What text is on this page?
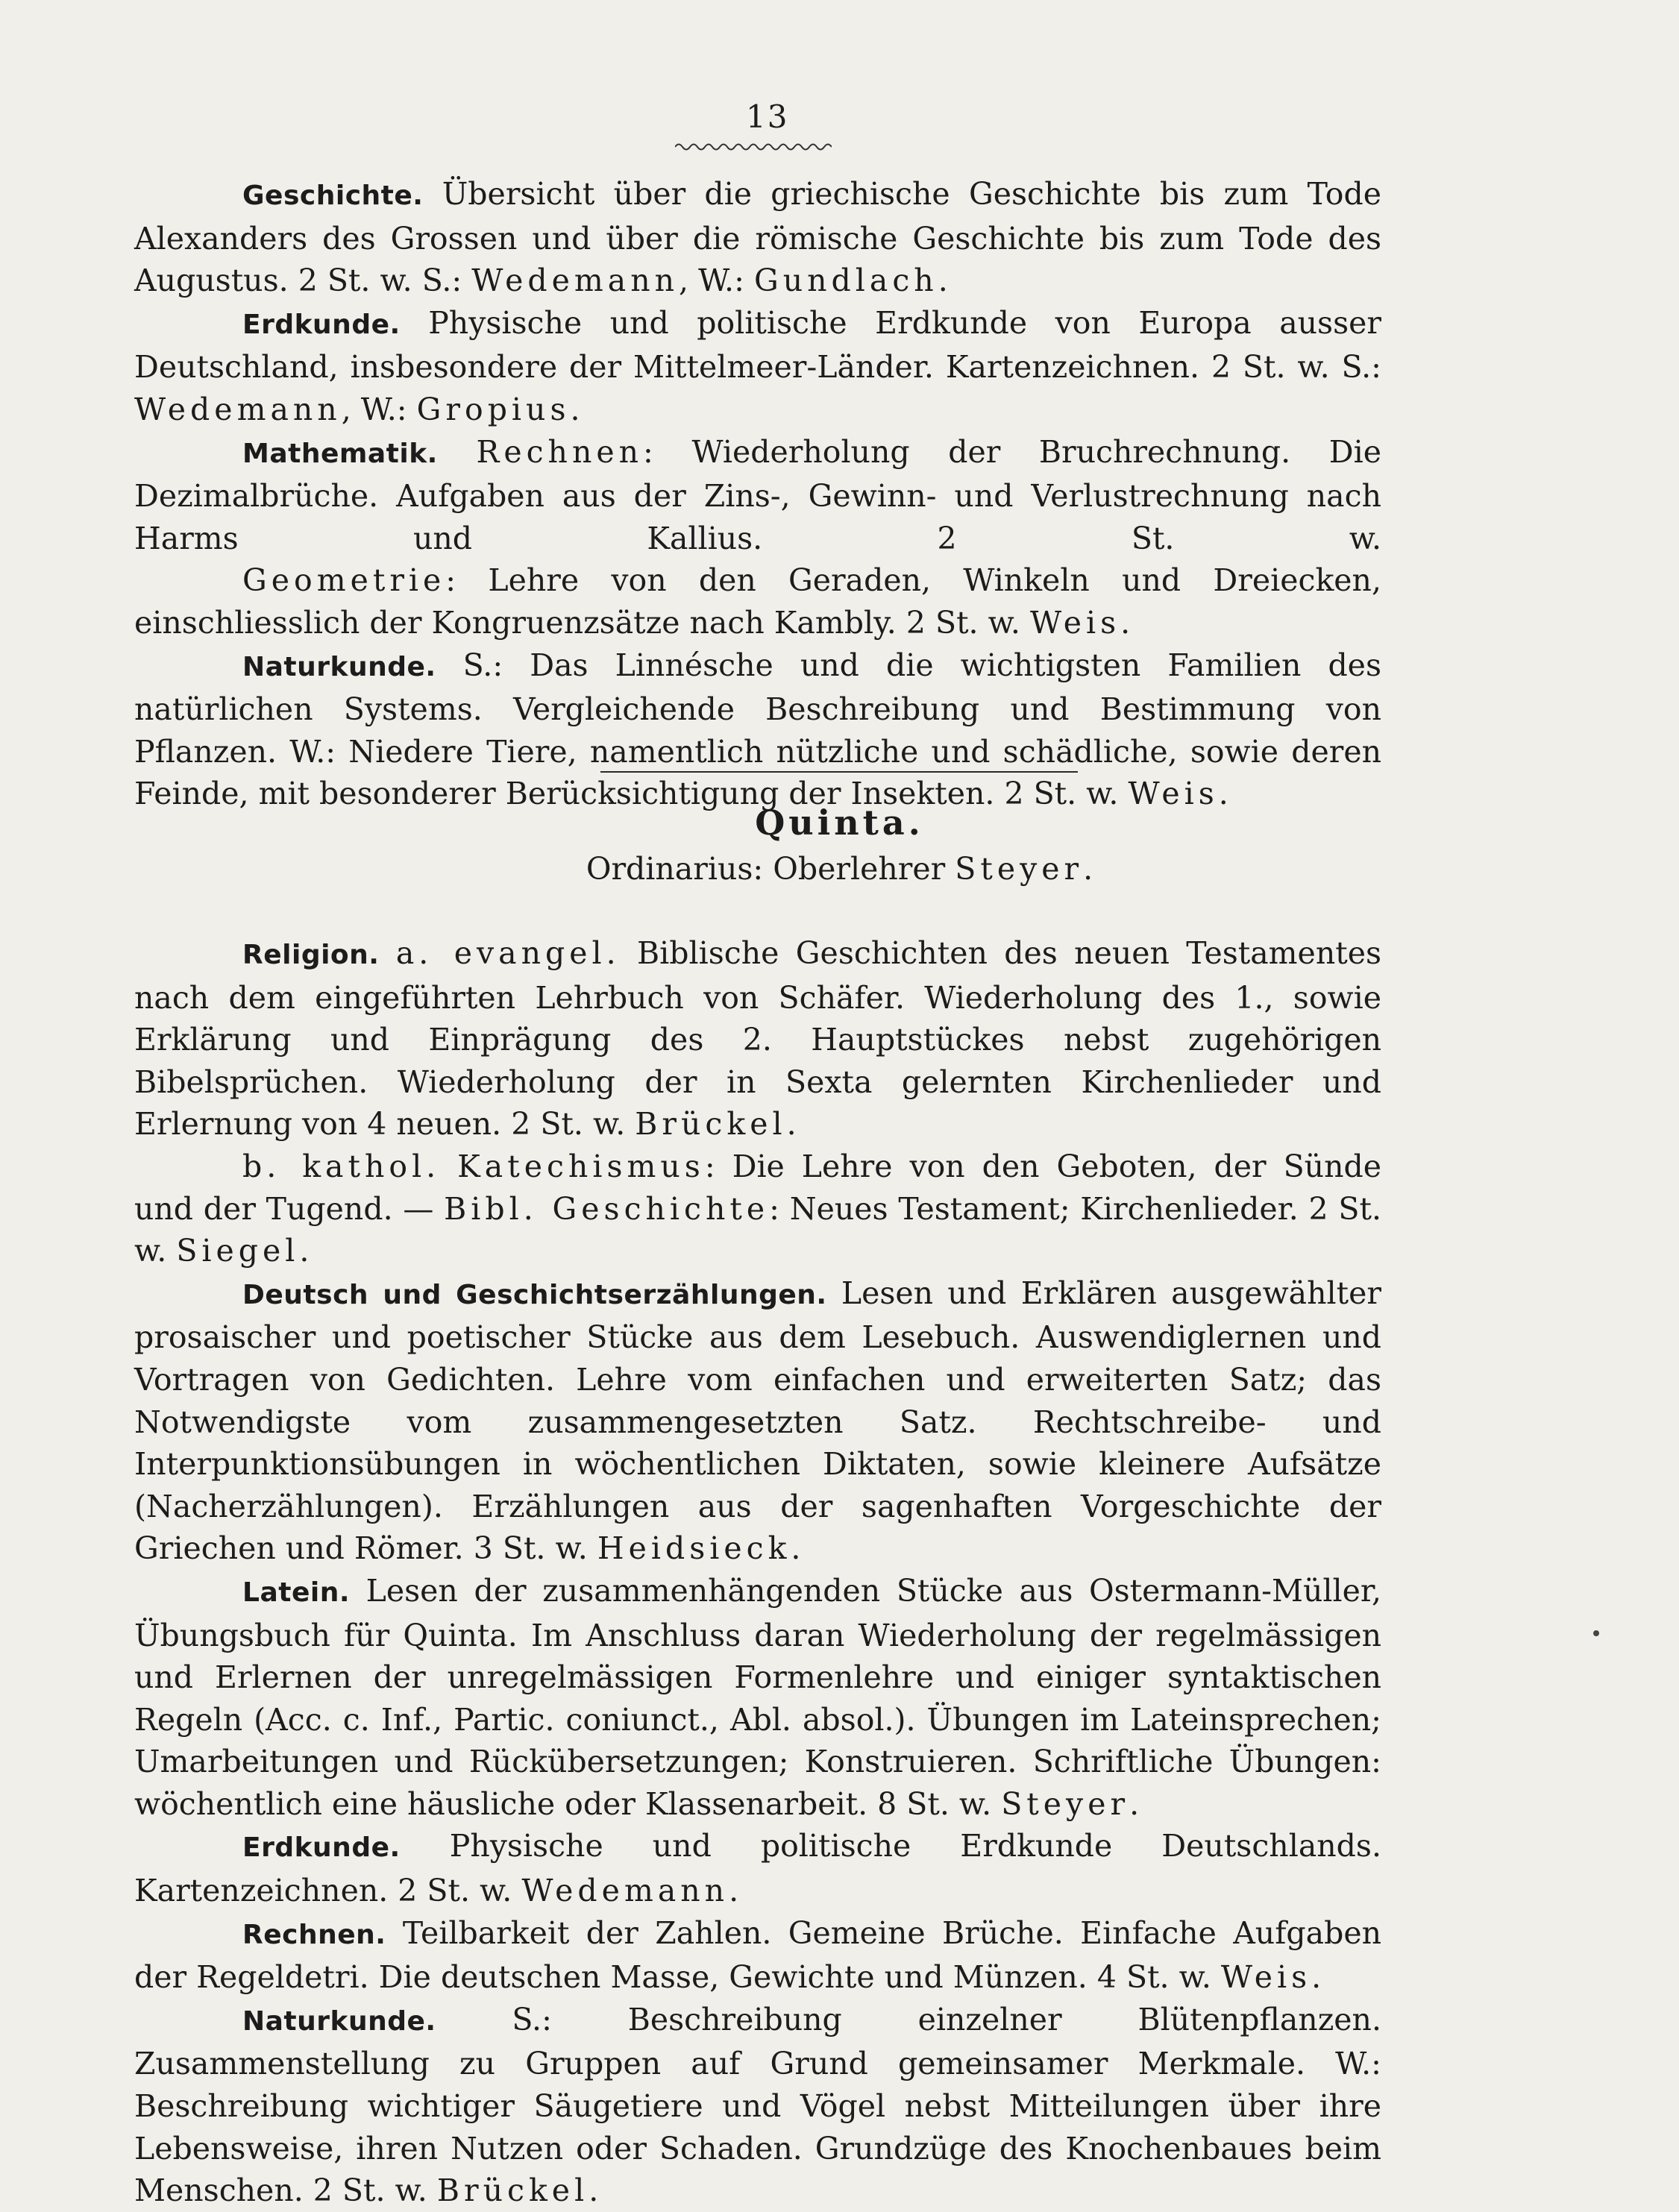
13

Geschichte. Übersicht über die griechische Geschichte bis zum Tode Alexanders des Grossen und über die römische Geschichte bis zum Tode des Augustus. 2 St. w. S.: Wedemann, W.: Gundlach.

Erdkunde. Physische und politische Erdkunde von Europa ausser Deutschland, insbesondere der Mittelmeer-Länder. Kartenzeichnen. 2 St. w. S.: Wedemann, W.: Gropius.

Mathematik. Rechnen: Wiederholung der Bruchrechnung. Die Dezimalbrüche. Aufgaben aus der Zins-, Gewinn- und Verlustrechnung nach Harms und Kallius. 2 St. w.

Geometrie: Lehre von den Geraden, Winkeln und Dreiecken, einschliesslich der Kongruenzsätze nach Kambly. 2 St. w. Weis.

Naturkunde. S.: Das Linnésche und die wichtigsten Familien des natürlichen Systems. Vergleichende Beschreibung und Bestimmung von Pflanzen. W.: Niedere Tiere, namentlich nützliche und schädliche, sowie deren Feinde, mit besonderer Berücksichtigung der Insekten. 2 St. w. Weis.

Quinta.
Ordinarius: Oberlehrer Steyer.

Religion. a. evangel. Biblische Geschichten des neuen Testamentes nach dem eingeführten Lehrbuch von Schäfer. Wiederholung des 1., sowie Erklärung und Einprägung des 2. Hauptstückes nebst zugehörigen Bibelsprüchen. Wiederholung der in Sexta gelernten Kirchenlieder und Erlernung von 4 neuen. 2 St. w. Brückel.

b. kathol. Katechismus: Die Lehre von den Geboten, der Sünde und der Tugend. — Bibl. Geschichte: Neues Testament; Kirchenlieder. 2 St. w. Siegel.

Deutsch und Geschichtserzählungen. Lesen und Erklären ausgewählter prosaischer und poetischer Stücke aus dem Lesebuch. Auswendiglernen und Vortragen von Gedichten. Lehre vom einfachen und erweiterten Satz; das Notwendigste vom zusammengesetzten Satz. Rechtschreibe- und Interpunktionsübungen in wöchentlichen Diktaten, sowie kleinere Aufsätze (Nacherzählungen). Erzählungen aus der sagenhaften Vorgeschichte der Griechen und Römer. 3 St. w. Heidsieck.

Latein. Lesen der zusammenhängenden Stücke aus Ostermann-Müller, Übungsbuch für Quinta. Im Anschluss daran Wiederholung der regelmässigen und Erlernen der unregelmässigen Formenlehre und einiger syntaktischen Regeln (Acc. c. Inf., Partic. coniunct., Abl. absol.). Übungen im Lateinsprechen; Umarbeitungen und Rückübersetzungen; Konstruieren. Schriftliche Übungen: wöchentlich eine häusliche oder Klassenarbeit. 8 St. w. Steyer.

Erdkunde. Physische und politische Erdkunde Deutschlands. Kartenzeichnen. 2 St. w. Wedemann.

Rechnen. Teilbarkeit der Zahlen. Gemeine Brüche. Einfache Aufgaben der Regeldetri. Die deutschen Masse, Gewichte und Münzen. 4 St. w. Weis.

Naturkunde. S.: Beschreibung einzelner Blütenpflanzen. Zusammenstellung zu Gruppen auf Grund gemeinsamer Merkmale. W.: Beschreibung wichtiger Säugetiere und Vögel nebst Mitteilungen über ihre Lebensweise, ihren Nutzen oder Schaden. Grundzüge des Knochenbaues beim Menschen. 2 St. w. Brückel.
